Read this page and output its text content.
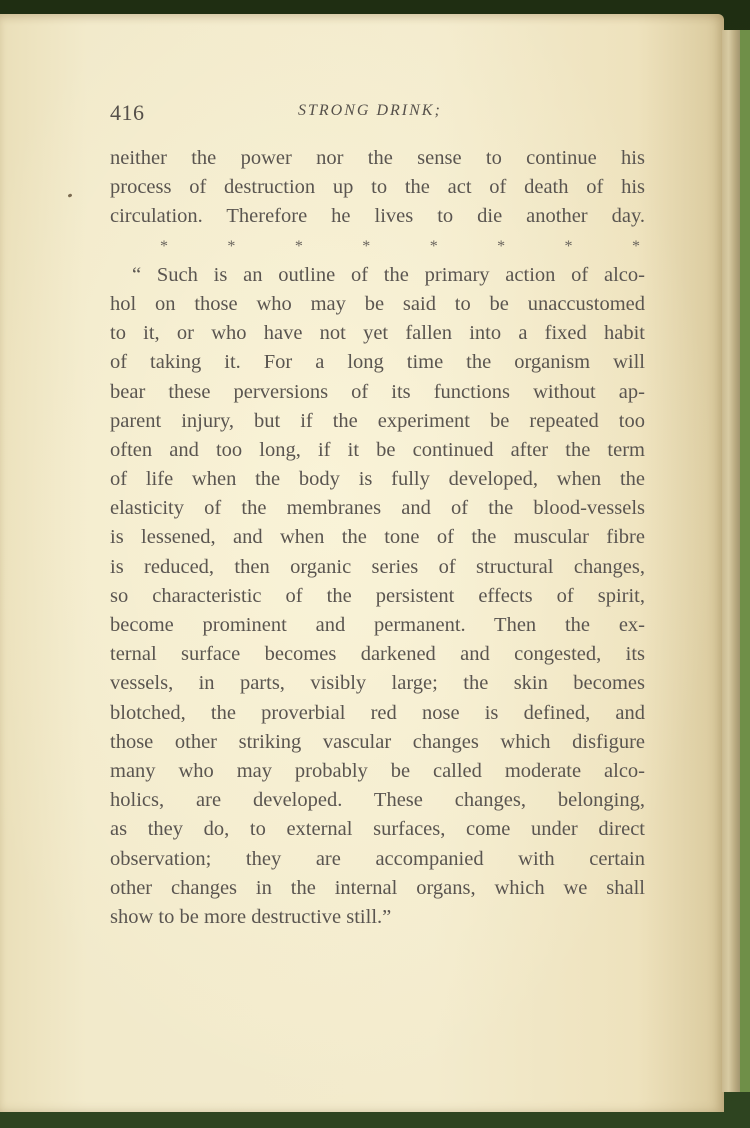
416	STRONG DRINK;
neither the power nor the sense to continue his
process of destruction up to the act of death of his
circulation. Therefore he lives to die another day.
*	*	*	*	*	*	*	*
“ Such is an outline of the primary action of alco-
hol on those who may be said to be unaccustomed
to it, or who have not yet fallen into a fixed habit
of taking it. For a long time the organism will
bear these perversions of its functions without ap-
parent injury, but if the experiment be repeated too
often and too long, if it be continued after the term
of life when the body is fully developed, when the
elasticity of the membranes and of the blood-vessels
is lessened, and when the tone of the muscular fibre
is reduced, then organic series of structural changes,
so characteristic of the persistent effects of spirit,
become prominent and permanent. Then the ex-
ternal surface becomes darkened and congested, its
vessels, in parts, visibly large; the skin becomes
blotched, the proverbial red nose is defined, and
those other striking vascular changes which disfigure
many who may probably be called moderate alco-
holics, are developed. These changes, belonging,
as they do, to external surfaces, come under direct
observation; they are accompanied with certain
other changes in the internal organs, which we shall
show to be more destructive still.”
